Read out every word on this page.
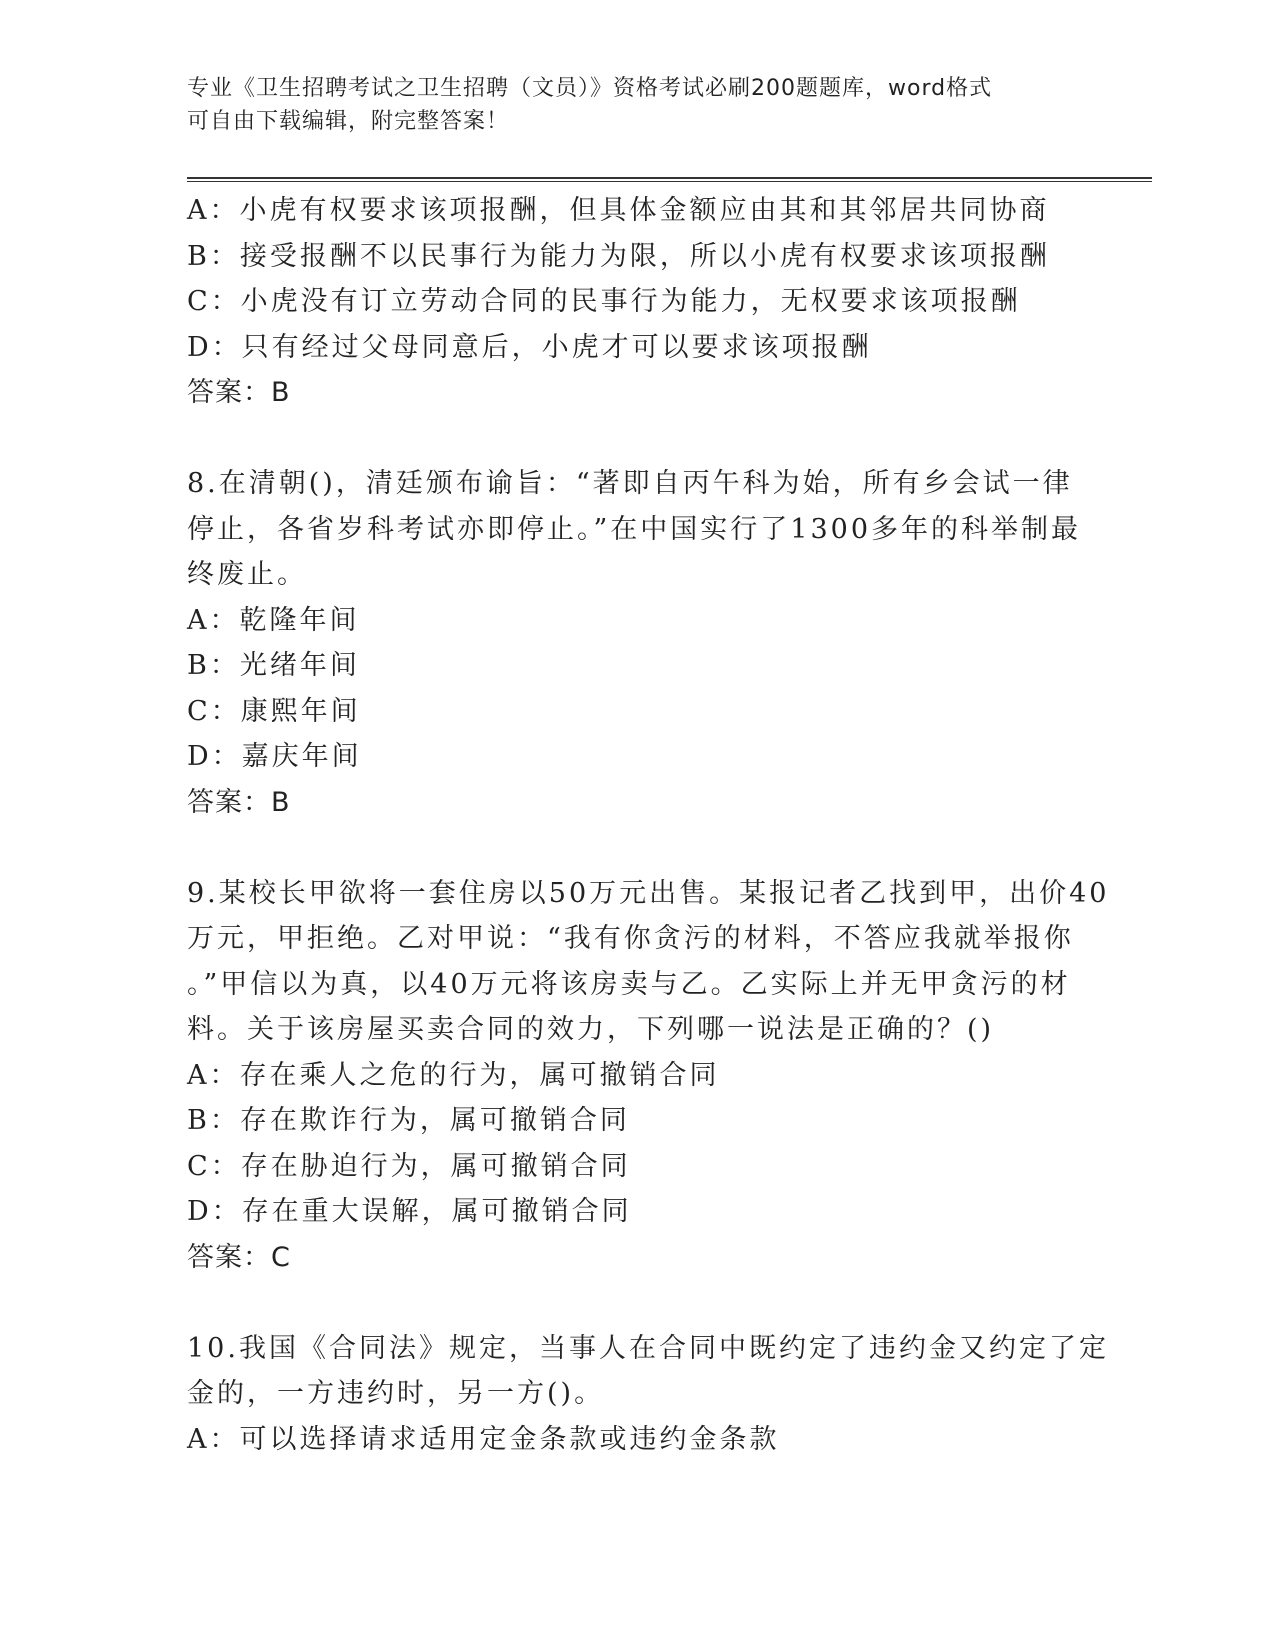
专业《卫生招聘考试之卫生招聘（文员）》资格考试必刷200题题库，word格式
可自由下载编辑，附完整答案！
A：小虎有权要求该项报酬，但具体金额应由其和其邻居共同协商
B：接受报酬不以民事行为能力为限，所以小虎有权要求该项报酬
C：小虎没有订立劳动合同的民事行为能力，无权要求该项报酬
D：只有经过父母同意后，小虎才可以要求该项报酬
答案：B
8.在清朝()，清廷颁布谕旨：“著即自丙午科为始，所有乡会试一律
停止，各省岁科考试亦即停止。”在中国实行了1300多年的科举制最
终废止。
A：乾隆年间
B：光绪年间
C：康熙年间
D：嘉庆年间
答案：B
9.某校长甲欲将一套住房以50万元出售。某报记者乙找到甲，出价40
万元，甲拒绝。乙对甲说：“我有你贪污的材料，不答应我就举报你
。”甲信以为真，以40万元将该房卖与乙。乙实际上并无甲贪污的材
料。关于该房屋买卖合同的效力，下列哪一说法是正确的？()
A：存在乘人之危的行为，属可撤销合同
B：存在欺诈行为，属可撤销合同
C：存在胁迫行为，属可撤销合同
D：存在重大误解，属可撤销合同
答案：C
10.我国《合同法》规定，当事人在合同中既约定了违约金又约定了定
金的，一方违约时，另一方()。
A：可以选择请求适用定金条款或违约金条款
